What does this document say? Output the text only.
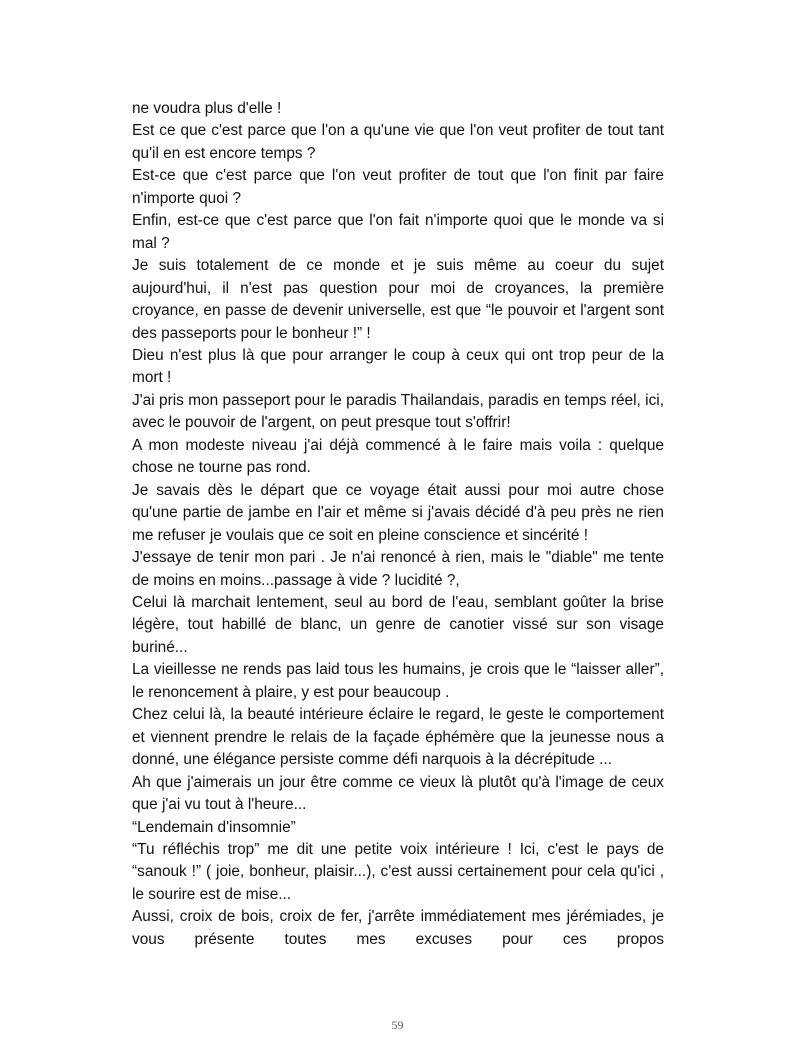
ne voudra plus d'elle !

Est ce que c'est parce que l'on a qu'une vie que l'on veut profiter de tout tant qu'il en est encore temps ?

Est-ce que c'est parce que l'on veut profiter de tout que l'on finit par faire n'importe quoi ?

Enfin, est-ce que c'est parce que l'on fait n'importe quoi que le monde va si mal ?

Je suis totalement de ce monde et je suis même au coeur du sujet aujourd'hui, il n'est pas question pour moi de croyances, la première croyance, en passe de devenir universelle, est que “le pouvoir et l'argent sont des passeports pour le bonheur !” !

Dieu n'est plus là que pour arranger le coup à ceux qui ont trop peur de la mort !

J'ai pris mon passeport pour le paradis Thailandais, paradis en temps réel, ici, avec le pouvoir de l'argent, on peut presque tout s'offrir!

A mon modeste niveau j'ai déjà commencé à le faire mais voila : quelque chose ne tourne pas rond.

Je savais dès le départ que ce voyage était aussi pour moi autre chose qu'une partie de jambe en l'air et même si j'avais décidé d'à peu près ne rien me refuser je voulais que ce soit en pleine conscience et sincérité !

J'essaye de tenir mon pari . Je n'ai renoncé à rien, mais le "diable" me tente de moins en moins...passage à vide ? lucidité ?,

Celui là marchait lentement, seul au bord de l'eau, semblant goûter la brise légère, tout habillé de blanc, un genre de canotier vissé sur son visage buriné...

La vieillesse ne rends pas laid tous les humains, je crois que le “laisser aller”, le renoncement à plaire, y est pour beaucoup .

Chez celui là, la beauté intérieure éclaire le regard, le geste le comportement et viennent prendre le relais de la façade éphémère que la jeunesse nous a donné, une élégance persiste comme défi narquois à la décrépitude ...

Ah que j'aimerais un jour être comme ce vieux là plutôt qu'à l'image de ceux que j'ai vu tout à l'heure...

“Lendemain d'insomnie”

“Tu réfléchis trop” me dit une petite voix intérieure ! Ici, c'est le pays de “sanouk !” ( joie, bonheur, plaisir...), c'est aussi certainement pour cela qu'ici , le sourire est de mise...

Aussi, croix de bois, croix de fer, j'arrête immédiatement mes jérémiades, je vous présente toutes mes excuses pour ces propos

59
